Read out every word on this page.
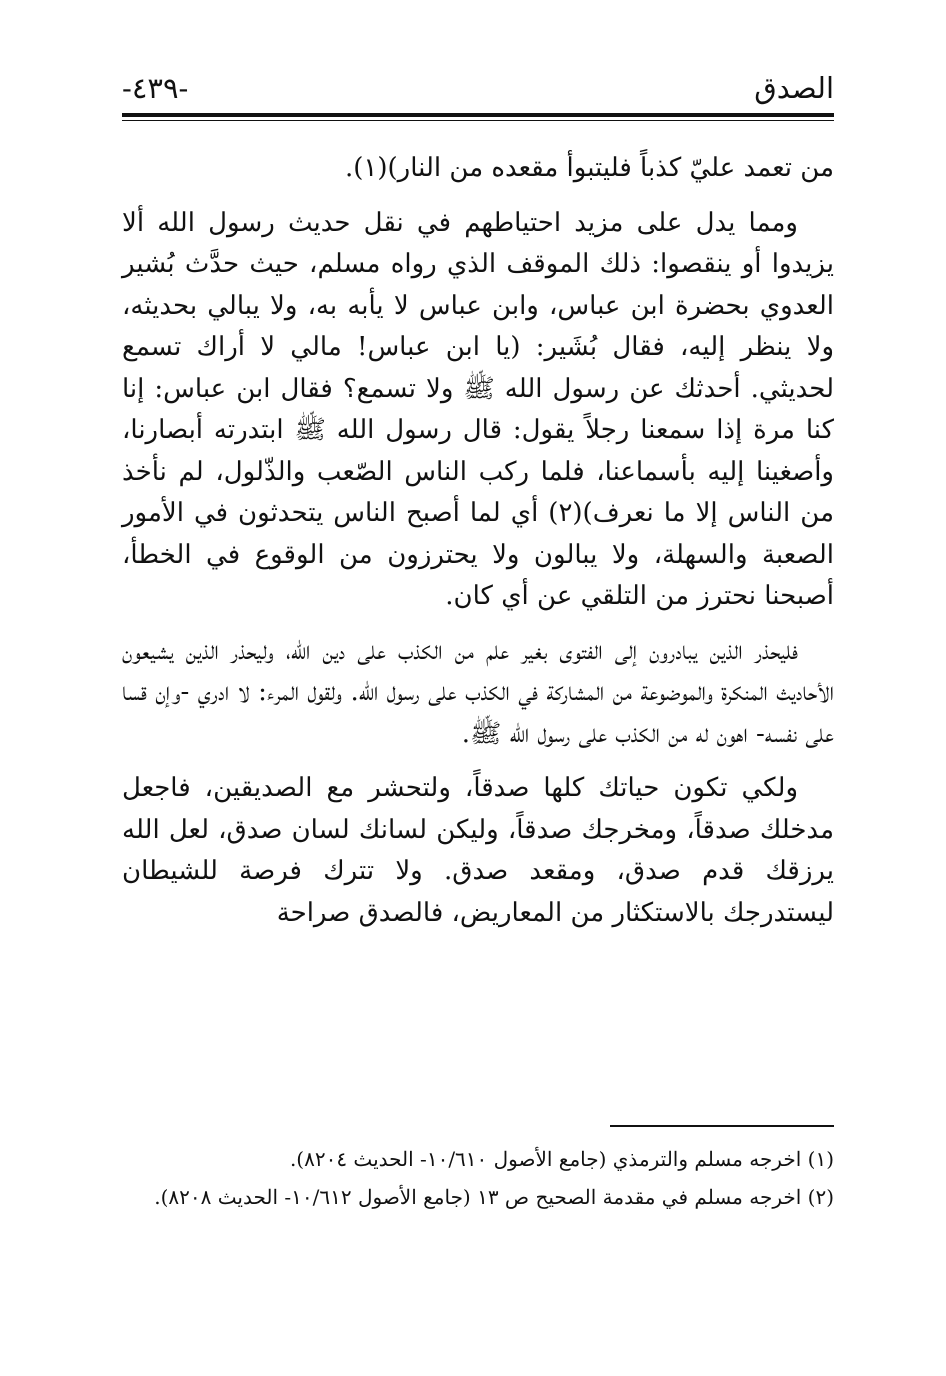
الصدق
-٤٣٩-

من تعمد عليّ كذباً فليتبوأ مقعده من النار)(١).

ومما يدل على مزيد احتياطهم في نقل حديث رسول الله ألا يزيدوا أو ينقصوا: ذلك الموقف الذي رواه مسلم، حيث حدَّث بُشير العدوي بحضرة ابن عباس، وابن عباس لا يأبه به، ولا يبالي بحديثه، ولا ينظر إليه، فقال بُشَير: (يا ابن عباس! مالي لا أراك تسمع لحديثي. أحدثك عن رسول الله ﷺ ولا تسمع؟ فقال ابن عباس: إنا كنا مرة إذا سمعنا رجلاً يقول: قال رسول الله ﷺ ابتدرته أبصارنا، وأصغينا إليه بأسماعنا، فلما ركب الناس الصّعب والذّلول، لم نأخذ من الناس إلا ما نعرف)(٢) أي لما أصبح الناس يتحدثون في الأمور الصعبة والسهلة، ولا يبالون ولا يحترزون من الوقوع في الخطأ، أصبحنا نحترز من التلقي عن أي كان.

فليحذر الذين يبادرون إلى الفتوى بغير علم من الكذب على دين الله، وليحذر الذين يشيعون الأحاديث المنكرة والموضوعة من المشاركة في الكذب على رسول الله. ولقول المرء: لا ادري -وإن قسا على نفسه- اهون له من الكذب على رسول الله ﷺ.

ولكي تكون حياتك كلها صدقاً، ولتحشر مع الصديقين، فاجعل مدخلك صدقاً، ومخرجك صدقاً، وليكن لسانك لسان صدق، لعل الله يرزقك قدم صدق، ومقعد صدق. ولا تترك فرصة للشيطان ليستدرجك بالاستكثار من المعاريض، فالصدق صراحة

(١) اخرجه مسلم والترمذي (جامع الأصول ١٠/٦١٠- الحديث ٨٢٠٤).

(٢) اخرجه مسلم في مقدمة الصحيح ص ١٣ (جامع الأصول ١٠/٦١٢- الحديث ٨٢٠٨).
